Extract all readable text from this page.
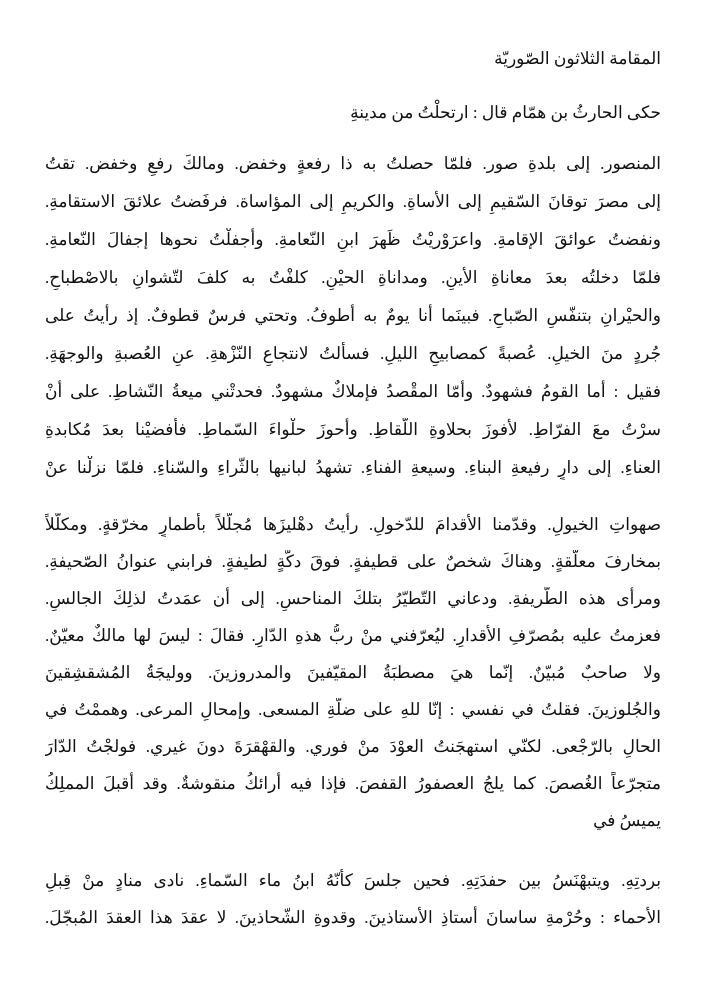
المقامة الثلاثون الصّوريّة
حكى الحارثُ بن همّام قال : ارتحلْتُ من مدينةِ
المنصور. إلى بلدةِ صور. فلمّا حصلتُ به ذا رفعةٍ وخفض. ومالكَ رفعٍ وخفض. تقتُ
إلى مصرَ توقانَ السّقيمِ إلى الأساةِ. والكريمِ إلى المؤاساة. فرفَضتُ علائقَ الاستقامةِ.
ونفضتُ عوائقَ الإقامةِ. واعرَوْريْتُ ظَهرَ ابنِ النّعامةِ. وأجفلْتُ نحوها إجفالَ النّعامةِ.
فلمّا دخلتُه بعدَ معاناةِ الأينِ. ومداناةِ الحيْنِ. كلفْتُ به كلفَ لتّشوانِ بالاصْطباحِ.
والحيْرانِ بتنفّسِ الصّباحِ. فبينَما أنا يومٌ به أطوفُ. وتحتي فرسٌ قطوفٌ. إذ رأيتُ على
جُردٍ منَ الخيلِ. عُصبةً كمصابيحِ الليلِ. فسألتُ لانتجاعِ النّزْهةِ. عنِ العُصبةِ والوجهَةِ.
فقيل : أما القومُ فشهودٌ. وأمّا المقْصدُ فإملاكٌ مشهودٌ. فحدتْني ميعةُ النّشاطِ. على أنْ
سرْتُ معَ الفرّاطِ. لأفوزَ بحلاوةِ اللُّقاطِ. وأحوزَ حلْواءَ السّماطِ. فأفضيْنا بعدَ مُكابدةِ
العناءِ. إلى دارٍ رفيعةِ البناءِ. وسيعةِ الفناءِ. تشهدُ لبانيها بالثّراءِ والسّناءِ. فلمّا نزلْنا عنْ
صهواتِ الخيولِ. وقدّمنا الأقدامَ للدّخولِ. رأيتُ دهْليزَها مُجلّلاً بأطمارٍ مخرّقةٍ. ومكلّلاً
بمخارفَ معلّقةٍ. وهناكَ شخصٌ على قطيفةٍ. فوقَ دكّةٍ لطيفةٍ. فرابني عنوانُ الصّحيفةِ.
ومرأى هذه الطّريفةِ. ودعاني التّطيّرُ بتلكَ المناحسِ. إلى أن عمَدتُ لذلِكَ الجالسِ.
فعزمتُ عليه بمُصرّفِ الأقدارِ. ليُعرّفني منْ ربُّ هذهِ الدّارِ. فقالَ : ليسَ لها مالكٌ معيّنٌ.
ولا صاحبٌ مُبيّنٌ. إنّما هيَ مصطبَةُ المقيّفينَ والمدروزينَ. ووليجَةُ المُشقشِقينَ
والجُلوزينَ. فقلتُ في نفسي : إنّا للهِ على ضلّةِ المسعى. وإمحالِ المرعى. وهممْتُ في
الحالِ بالرّجْعى. لكنّي استهجَنتُ العوْدَ منْ فوري. والقهْقرَةَ دونَ غيري. فولجْتُ الدّارَ
متجرّعاً الغُصصَ. كما يلجُ العصفورُ القفصَ. فإذا فيه أرائكُ منقوشةٌ. وقد أقبلَ المملِكُ
يميسُ في
بردتِهِ. ويتبهْنَسُ بين حفدَتِهِ. فحين جلسَ كأنّهُ ابنُ ماء السّماءِ. نادى منادٍ منْ قِبلِ
الأحماء : وحُرْمةِ ساسانَ أستاذِ الأستاذينَ. وقدوةِ الشّحاذينَ. لا عقدَ هذا العقدَ المُبجّلَ.
